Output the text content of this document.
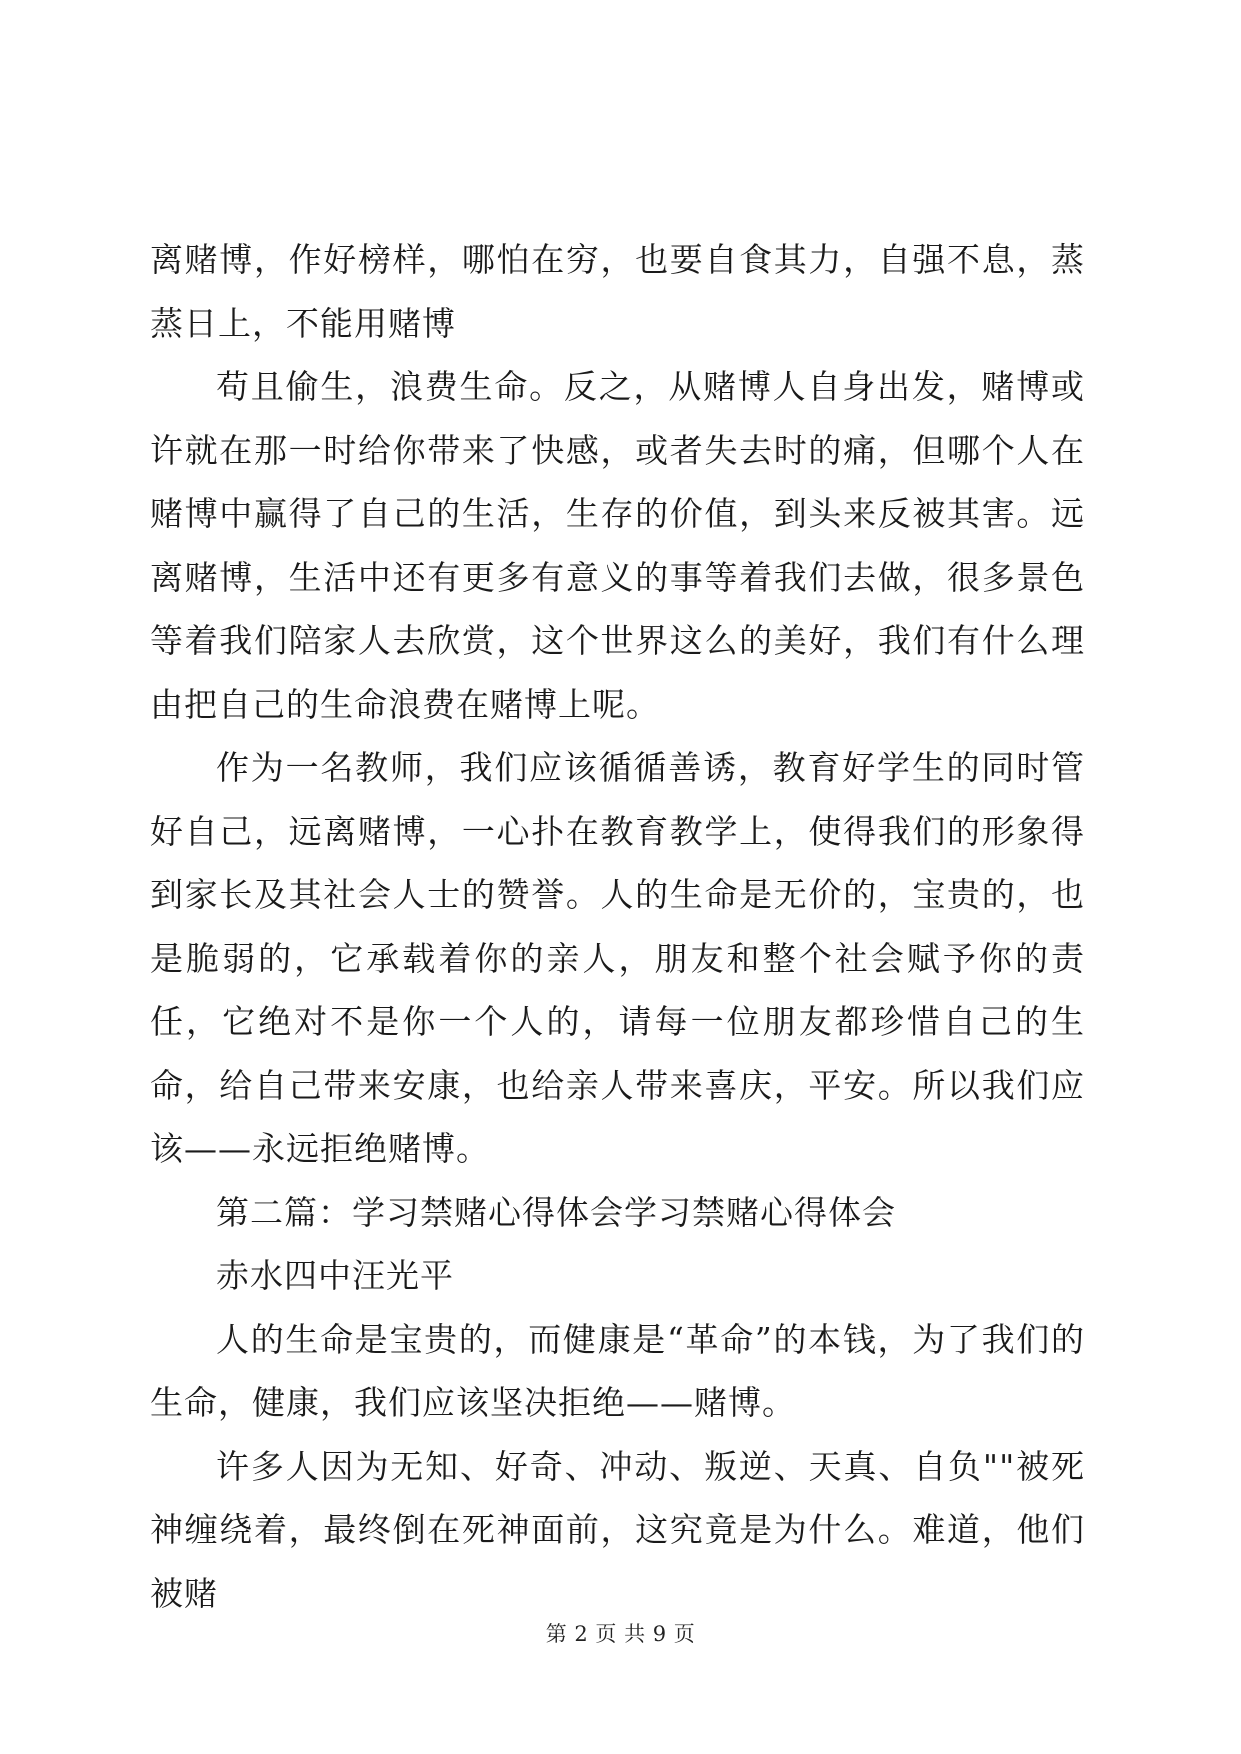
离赌博，作好榜样，哪怕在穷，也要自食其力，自强不息，蒸蒸日上，不能用赌博

苟且偷生，浪费生命。反之，从赌博人自身出发，赌博或许就在那一时给你带来了快感，或者失去时的痛，但哪个人在赌博中赢得了自己的生活，生存的价值，到头来反被其害。远离赌博，生活中还有更多有意义的事等着我们去做，很多景色等着我们陪家人去欣赏，这个世界这么的美好，我们有什么理由把自己的生命浪费在赌博上呢。

作为一名教师，我们应该循循善诱，教育好学生的同时管好自己，远离赌博，一心扑在教育教学上，使得我们的形象得到家长及其社会人士的赞誉。人的生命是无价的，宝贵的，也是脆弱的，它承载着你的亲人，朋友和整个社会赋予你的责任，它绝对不是你一个人的，请每一位朋友都珍惜自己的生命，给自己带来安康，也给亲人带来喜庆，平安。所以我们应该——永远拒绝赌博。

第二篇：学习禁赌心得体会学习禁赌心得体会

赤水四中汪光平

人的生命是宝贵的，而健康是“革命”的本钱，为了我们的生命，健康，我们应该坚决拒绝——赌博。

许多人因为无知、好奇、冲动、叛逆、天真、自负""被死神缠绕着，最终倒在死神面前，这究竟是为什么。难道，他们被赌

第 2 页 共 9 页
